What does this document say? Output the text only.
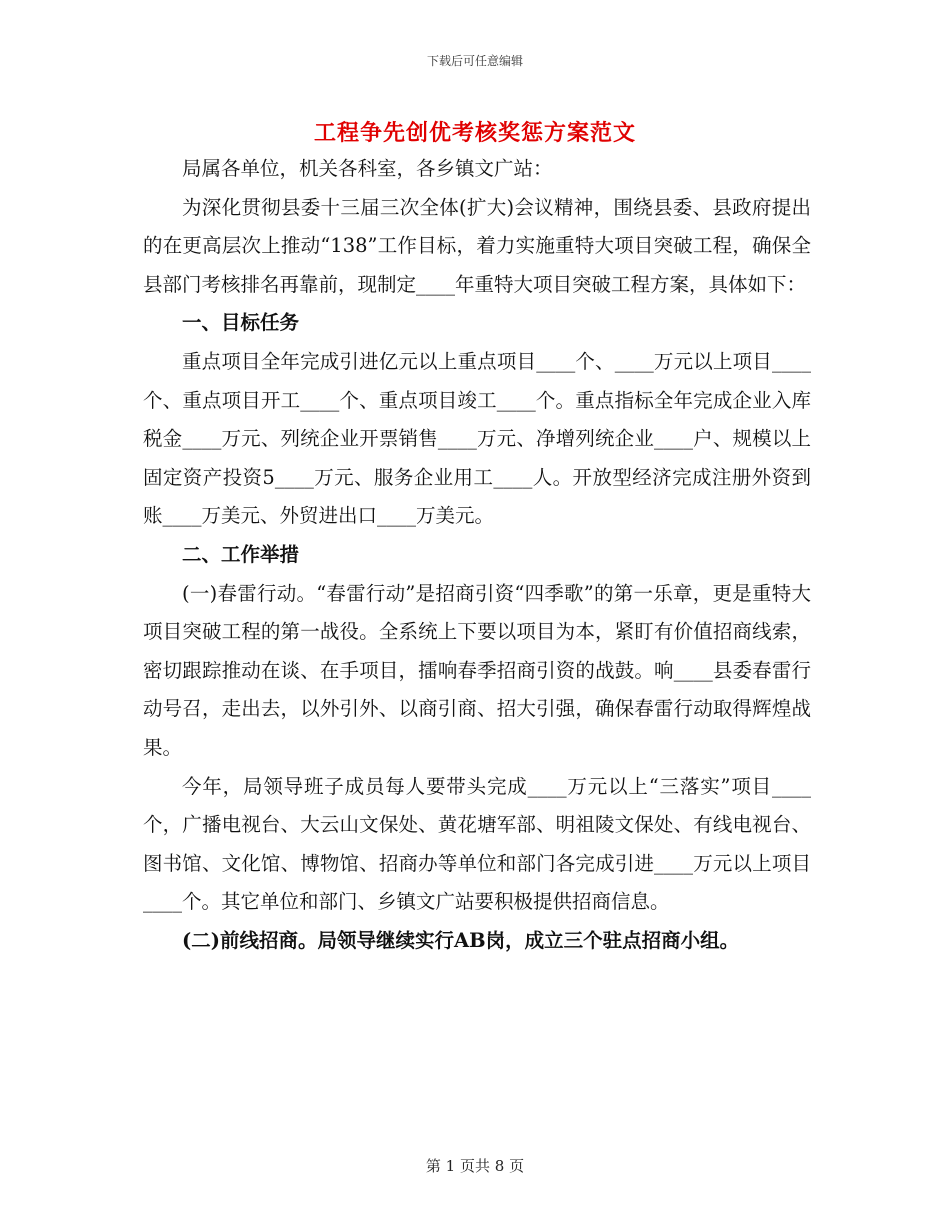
下载后可任意编辑
工程争先创优考核奖惩方案范文

局属各单位，机关各科室，各乡镇文广站：

为深化贯彻县委十三届三次全体(扩大)会议精神，围绕县委、县政府提出的在更高层次上推动“138”工作目标，着力实施重特大项目突破工程，确保全县部门考核排名再靠前，现制定____年重特大项目突破工程方案，具体如下：

一、目标任务

重点项目全年完成引进亿元以上重点项目____个、____万元以上项目____个、重点项目开工____个、重点项目竣工____个。重点指标全年完成企业入库税金____万元、列统企业开票销售____万元、净增列统企业____户、规模以上固定资产投资5____万元、服务企业用工____人。开放型经济完成注册外资到账____万美元、外贸进出口____万美元。

二、工作举措

(一)春雷行动。“春雷行动”是招商引资“四季歌”的第一乐章，更是重特大项目突破工程的第一战役。全系统上下要以项目为本，紧盯有价值招商线索，密切跟踪推动在谈、在手项目，擂响春季招商引资的战鼓。响____县委春雷行动号召，走出去，以外引外、以商引商、招大引强，确保春雷行动取得辉煌战果。

今年，局领导班子成员每人要带头完成____万元以上“三落实”项目____个，广播电视台、大云山文保处、黄花塘军部、明祖陵文保处、有线电视台、图书馆、文化馆、博物馆、招商办等单位和部门各完成引进____万元以上项目____个。其它单位和部门、乡镇文广站要积极提供招商信息。

(二)前线招商。局领导继续实行AB岗，成立三个驻点招商小组。

第 1 页共 8 页
